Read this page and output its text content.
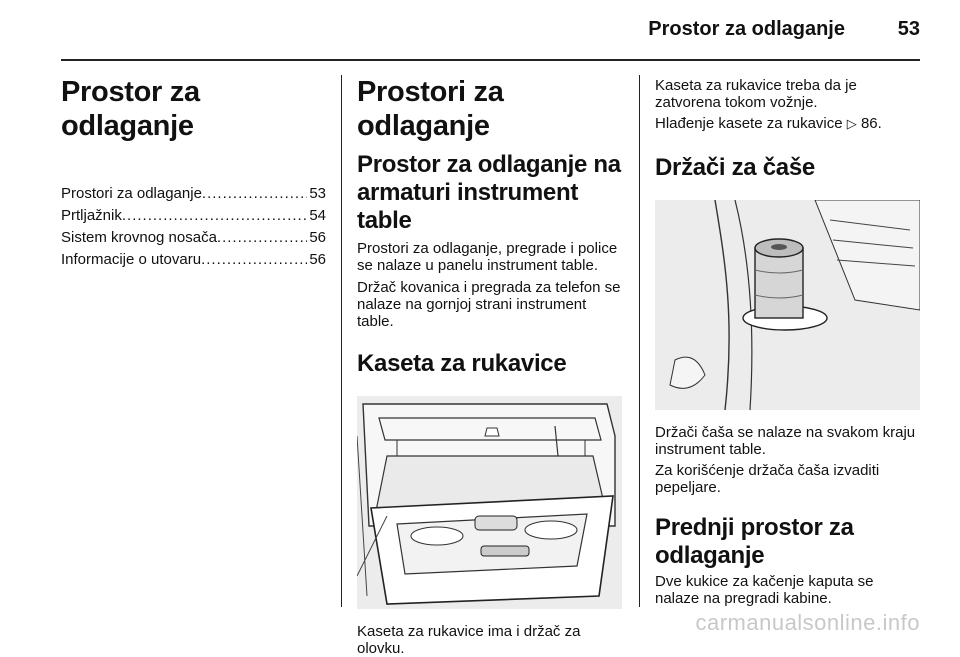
Prostor za odlaganje	53
Prostor za odlaganje
Prostori za odlaganje .....	53
Prtljažnik .....	54
Sistem krovnog nosača .....	56
Informacije o utovaru .....	56
Prostori za odlaganje
Prostor za odlaganje na armaturi instrument table

Prostori za odlaganje, pregrade i police se nalaze u panelu instrument table.

Držač kovanica i pregrada za telefon se nalaze na gornjoj strani instrument table.

Kaseta za rukavice

Kaseta za rukavice ima i držač za olovku.

Kaseta za rukavice treba da je zatvorena tokom vožnje.

Hlađenje kasete za rukavice ▷ 86.

Držači za čaše

Držači čaša se nalaze na svakom kraju instrument table.

Za korišćenje držača čaša izvaditi pepeljare.

Prednji prostor za odlaganje

Dve kukice za kačenje kaputa se nalaze na pregradi kabine.

carmanualsonline.info
